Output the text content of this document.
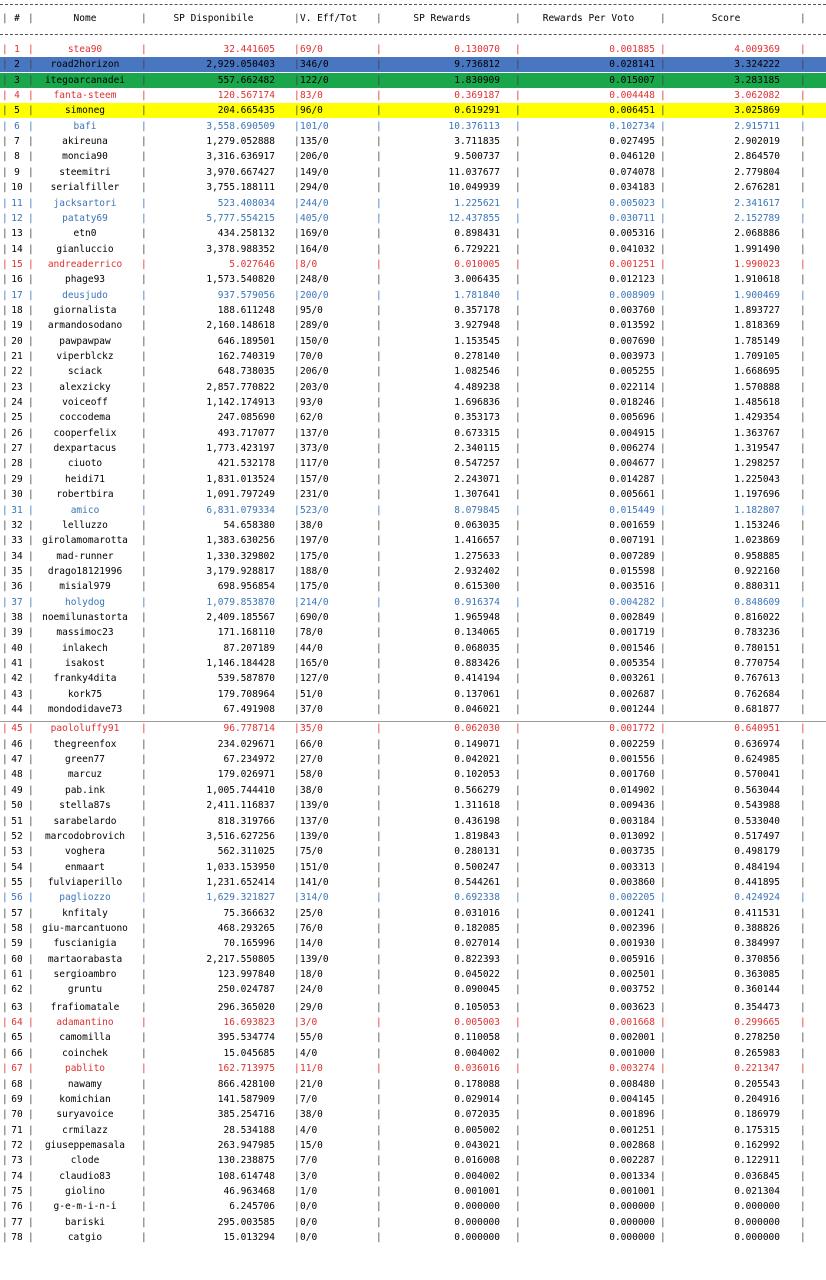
| # |	Nome	|	SP Disponibile	| V. Eff/Tot	|	SP Rewards	|	Rewards Per Voto	|	Score	|
| |	|	|	|	|	|	|
1	stea90	32.441605	69/0	0.130070	0.001885	4.009369
| |	|	|	|	|	|	|
2	road2horizon	2,929.050403	346/0	9.736812	0.028141	3.324222
| |	|	|	|	|	|	|
3	itegoarcanadei	557.662482	122/0	1.830909	0.015007	3.283185
| |	|	|	|	|	|	|
4	fanta-steem	120.567174	83/0	0.369187	0.004448	3.062082
| |	|	|	|	|	|	|
5	simoneg	204.665435	96/0	0.619291	0.006451	3.025869
| |	|	|	|	|	|	|
6	bafi	3,558.690509	101/0	10.376113	0.102734	2.915711
| |	|	|	|	|	|	|
7	akireuna	1,279.052888	135/0	3.711835	0.027495	2.902019
| |	|	|	|	|	|	|
8	moncia90	3,316.636917	206/0	9.500737	0.046120	2.864570
| |	|	|	|	|	|	|
9	steemitri	3,970.667427	149/0	11.037677	0.074078	2.779804
| |	|	|	|	|	|	|
10	serialfiller	3,755.188111	294/0	10.049939	0.034183	2.676281
| |	|	|	|	|	|	|
11	jacksartori	523.408034	244/0	1.225621	0.005023	2.341617
| |	|	|	|	|	|	|
12	pataty69	5,777.554215	405/0	12.437855	0.030711	2.152789
| |	|	|	|	|	|	|
13	etn0	434.258132	169/0	0.898431	0.005316	2.068886
| |	|	|	|	|	|	|
14	gianluccio	3,378.988352	164/0	6.729221	0.041032	1.991490
| |	|	|	|	|	|	|
15	andreaderrico	5.027646	8/0	0.010005	0.001251	1.990023
| |	|	|	|	|	|	|
16	phage93	1,573.540820	248/0	3.006435	0.012123	1.910618
| |	|	|	|	|	|	|
17	deusjudo	937.579056	200/0	1.781840	0.008909	1.900469
| |	|	|	|	|	|	|
18	giornalista	188.611248	95/0	0.357178	0.003760	1.893727
| |	|	|	|	|	|	|
19	armandosodano	2,160.148618	289/0	3.927948	0.013592	1.818369
| |	|	|	|	|	|	|
20	pawpawpaw	646.189501	150/0	1.153545	0.007690	1.785149
| |	|	|	|	|	|	|
21	viperblckz	162.740319	70/0	0.278140	0.003973	1.709105
| |	|	|	|	|	|	|
22	sciack	648.738035	206/0	1.082546	0.005255	1.668695
| |	|	|	|	|	|	|
23	alexzicky	2,857.770822	203/0	4.489238	0.022114	1.570888
| |	|	|	|	|	|	|
24	voiceoff	1,142.174913	93/0	1.696836	0.018246	1.485618
| |	|	|	|	|	|	|
25	coccodema	247.085690	62/0	0.353173	0.005696	1.429354
| |	|	|	|	|	|	|
26	cooperfelix	493.717077	137/0	0.673315	0.004915	1.363767
| |	|	|	|	|	|	|
27	dexpartacus	1,773.423197	373/0	2.340115	0.006274	1.319547
| |	|	|	|	|	|	|
28	ciuoto	421.532178	117/0	0.547257	0.004677	1.298257
| |	|	|	|	|	|	|
29	heidi71	1,831.013524	157/0	2.243071	0.014287	1.225043
| |	|	|	|	|	|	|
30	robertbira	1,091.797249	231/0	1.307641	0.005661	1.197696
| |	|	|	|	|	|	|
31	amico	6,831.079334	523/0	8.079845	0.015449	1.182807
| |	|	|	|	|	|	|
32	lelluzzo	54.658380	38/0	0.063035	0.001659	1.153246
| |	|	|	|	|	|	|
33	girolamomarotta	1,383.630256	197/0	1.416657	0.007191	1.023869
| |	|	|	|	|	|	|
34	mad-runner	1,330.329802	175/0	1.275633	0.007289	0.958885
| |	|	|	|	|	|	|
35	drago18121996	3,179.928817	188/0	2.932402	0.015598	0.922160
| |	|	|	|	|	|	|
36	misial979	698.956854	175/0	0.615300	0.003516	0.880311
| |	|	|	|	|	|	|
37	holydog	1,079.853870	214/0	0.916374	0.004282	0.848609
| |	|	|	|	|	|	|
38	noemilunastorta	2,409.185567	690/0	1.965948	0.002849	0.816022
| |	|	|	|	|	|	|
39	massimoc23	171.168110	78/0	0.134065	0.001719	0.783236
| |	|	|	|	|	|	|
40	inlakech	87.207189	44/0	0.068035	0.001546	0.780151
| |	|	|	|	|	|	|
41	isakost	1,146.184428	165/0	0.883426	0.005354	0.770754
| |	|	|	|	|	|	|
42	franky4dita	539.587870	127/0	0.414194	0.003261	0.767613
| |	|	|	|	|	|	|
43	kork75	179.708964	51/0	0.137061	0.002687	0.762684
| |	|	|	|	|	|	|
44	mondodidave73	67.491908	37/0	0.046021	0.001244	0.681877
| |	|	|	|	|	|	|
45	paololuffy91	96.778714	35/0	0.062030	0.001772	0.640951
| |	|	|	|	|	|	|
46	thegreenfox	234.029671	66/0	0.149071	0.002259	0.636974
| |	|	|	|	|	|	|
47	green77	67.234972	27/0	0.042021	0.001556	0.624985
| |	|	|	|	|	|	|
48	marcuz	179.026971	58/0	0.102053	0.001760	0.570041
| |	|	|	|	|	|	|
49	pab.ink	1,005.744410	38/0	0.566279	0.014902	0.563044
| |	|	|	|	|	|	|
50	stella87s	2,411.116837	139/0	1.311618	0.009436	0.543988
| |	|	|	|	|	|	|
51	sarabelardo	818.319766	137/0	0.436198	0.003184	0.533040
| |	|	|	|	|	|	|
52	marcodobrovich	3,516.627256	139/0	1.819843	0.013092	0.517497
| |	|	|	|	|	|	|
53	voghera	562.311025	75/0	0.280131	0.003735	0.498179
| |	|	|	|	|	|	|
54	enmaart	1,033.153950	151/0	0.500247	0.003313	0.484194
| |	|	|	|	|	|	|
55	fulviaperillo	1,231.652414	141/0	0.544261	0.003860	0.441895
| |	|	|	|	|	|	|
56	pagliozzo	1,629.321827	314/0	0.692338	0.002205	0.424924
| |	|	|	|	|	|	|
57	knfitaly	75.366632	25/0	0.031016	0.001241	0.411531
| |	|	|	|	|	|	|
58	giu-marcantuono	468.293265	76/0	0.182085	0.002396	0.388826
| |	|	|	|	|	|	|
59	fuscianigia	70.165996	14/0	0.027014	0.001930	0.384997
| |	|	|	|	|	|	|
60	martaorabasta	2,217.550805	139/0	0.822393	0.005916	0.370856
| |	|	|	|	|	|	|
61	sergioambro	123.997840	18/0	0.045022	0.002501	0.363085
| |	|	|	|	|	|	|
62	gruntu	250.024787	24/0	0.090045	0.003752	0.360144
| |	|	|	|	|	|	|
63	frafiomatale	296.365020	29/0	0.105053	0.003623	0.354473
| |	|	|	|	|	|	|
64	adamantino	16.693823	3/0	0.005003	0.001668	0.299665
| |	|	|	|	|	|	|
65	camomilla	395.534774	55/0	0.110058	0.002001	0.278250
| |	|	|	|	|	|	|
66	coinchek	15.045685	4/0	0.004002	0.001000	0.265983
| |	|	|	|	|	|	|
67	pablito	162.713975	11/0	0.036016	0.003274	0.221347
| |	|	|	|	|	|	|
68	nawamy	866.428100	21/0	0.178088	0.008480	0.205543
| |	|	|	|	|	|	|
69	komichian	141.587909	7/0	0.029014	0.004145	0.204916
| |	|	|	|	|	|	|
70	suryavoice	385.254716	38/0	0.072035	0.001896	0.186979
| |	|	|	|	|	|	|
71	crmilazz	28.534188	4/0	0.005002	0.001251	0.175315
| |	|	|	|	|	|	|
72	giuseppemasala	263.947985	15/0	0.043021	0.002868	0.162992
| |	|	|	|	|	|	|
73	clode	130.238875	7/0	0.016008	0.002287	0.122911
| |	|	|	|	|	|	|
74	claudio83	108.614748	3/0	0.004002	0.001334	0.036845
| |	|	|	|	|	|	|
75	giolino	46.963468	1/0	0.001001	0.001001	0.021304
| |	|	|	|	|	|	|
76	g-e-m-i-n-i	6.245706	0/0	0.000000	0.000000	0.000000
| |	|	|	|	|	|	|
77	bariski	295.003585	0/0	0.000000	0.000000	0.000000
| |	|	|	|	|	|	|
78	catgio	15.013294	0/0	0.000000	0.000000	0.000000
